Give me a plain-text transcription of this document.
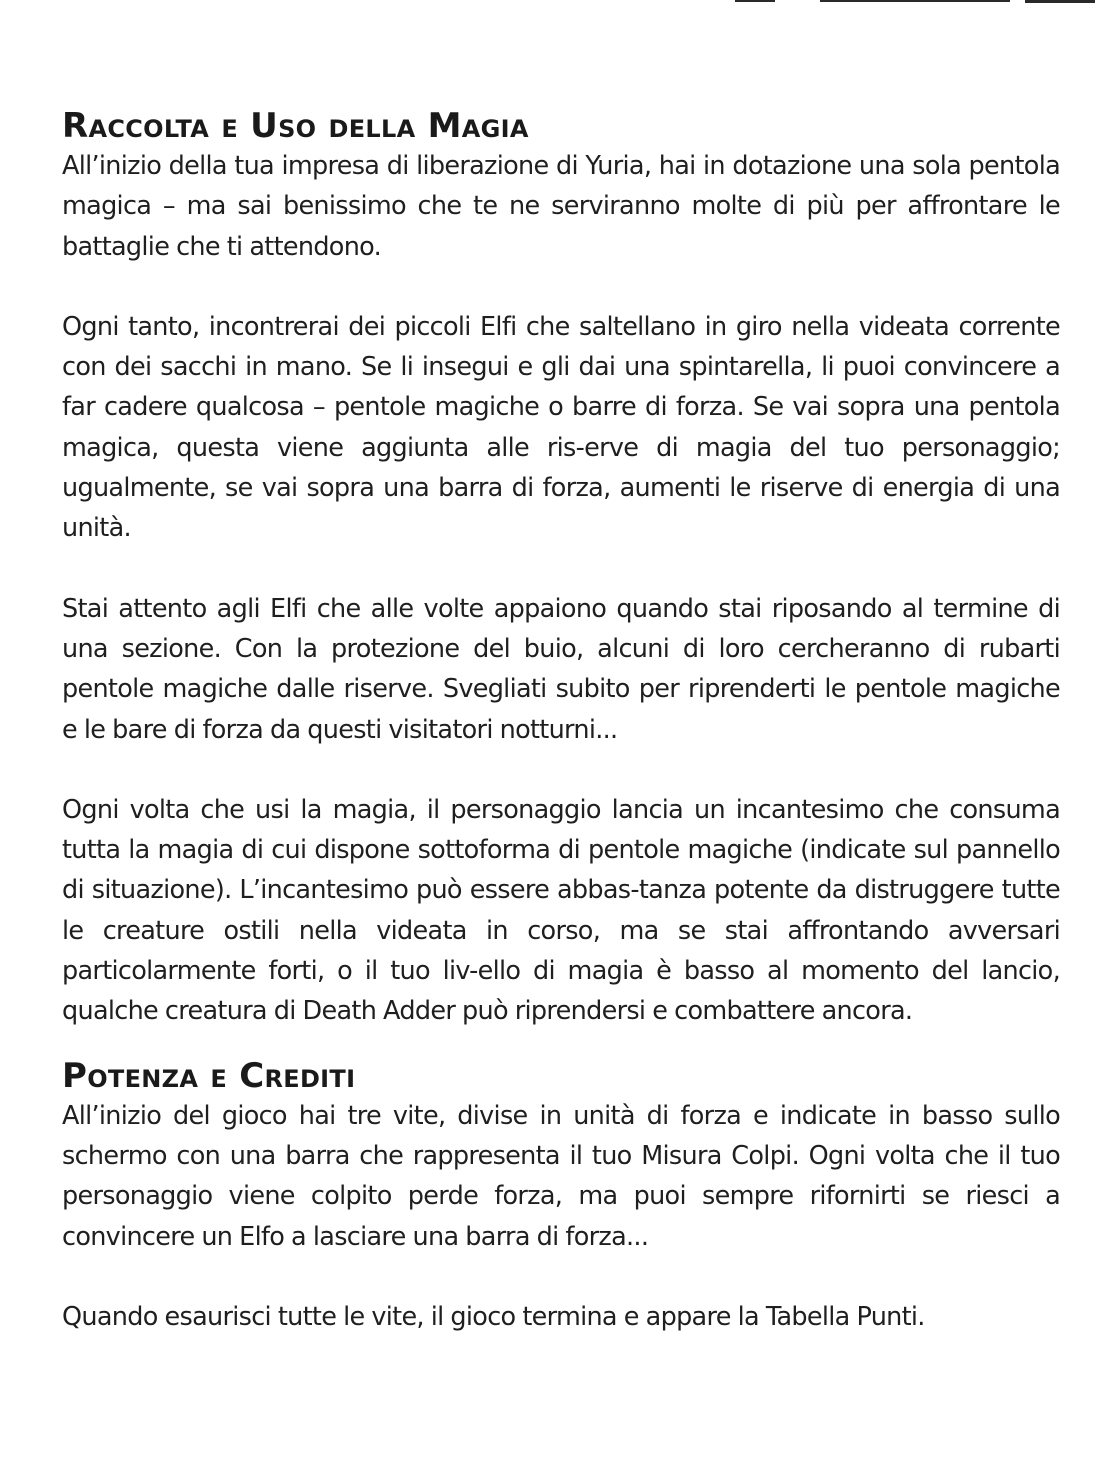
Raccolta e Uso della Magia

All’inizio della tua impresa di liberazione di Yuria, hai in dotazione una sola pentola magica – ma sai benissimo che te ne serviranno molte di più per affrontare le battaglie che ti attendono.

Ogni tanto, incontrerai dei piccoli Elfi che saltellano in giro nella videata corrente con dei sacchi in mano. Se li insegui e gli dai una spintarella, li puoi convincere a far cadere qualcosa – pentole magiche o barre di forza. Se vai sopra una pentola magica, questa viene aggiunta alle ris-erve di magia del tuo personaggio; ugualmente, se vai sopra una barra di forza, aumenti le riserve di energia di una unità.

Stai attento agli Elfi che alle volte appaiono quando stai riposando al termine di una sezione. Con la protezione del buio, alcuni di loro cercheranno di rubarti pentole magiche dalle riserve. Svegliati subito per riprenderti le pentole magiche e le bare di forza da questi visitatori notturni...

Ogni volta che usi la magia, il personaggio lancia un incantesimo che consuma tutta la magia di cui dispone sottoforma di pentole magiche (indicate sul pannello di situazione). L’incantesimo può essere abbas-tanza potente da distruggere tutte le creature ostili nella videata in corso, ma se stai affrontando avversari particolarmente forti, o il tuo liv-ello di magia è basso al momento del lancio, qualche creatura di Death Adder può riprendersi e combattere ancora.

Potenza e Crediti

All’inizio del gioco hai tre vite, divise in unità di forza e indicate in basso sullo schermo con una barra che rappresenta il tuo Misura Colpi. Ogni volta che il tuo personaggio viene colpito perde forza, ma puoi sempre rifornirti se riesci a convincere un Elfo a lasciare una barra di forza...

Quando esaurisci tutte le vite, il gioco termina e appare la Tabella Punti.
